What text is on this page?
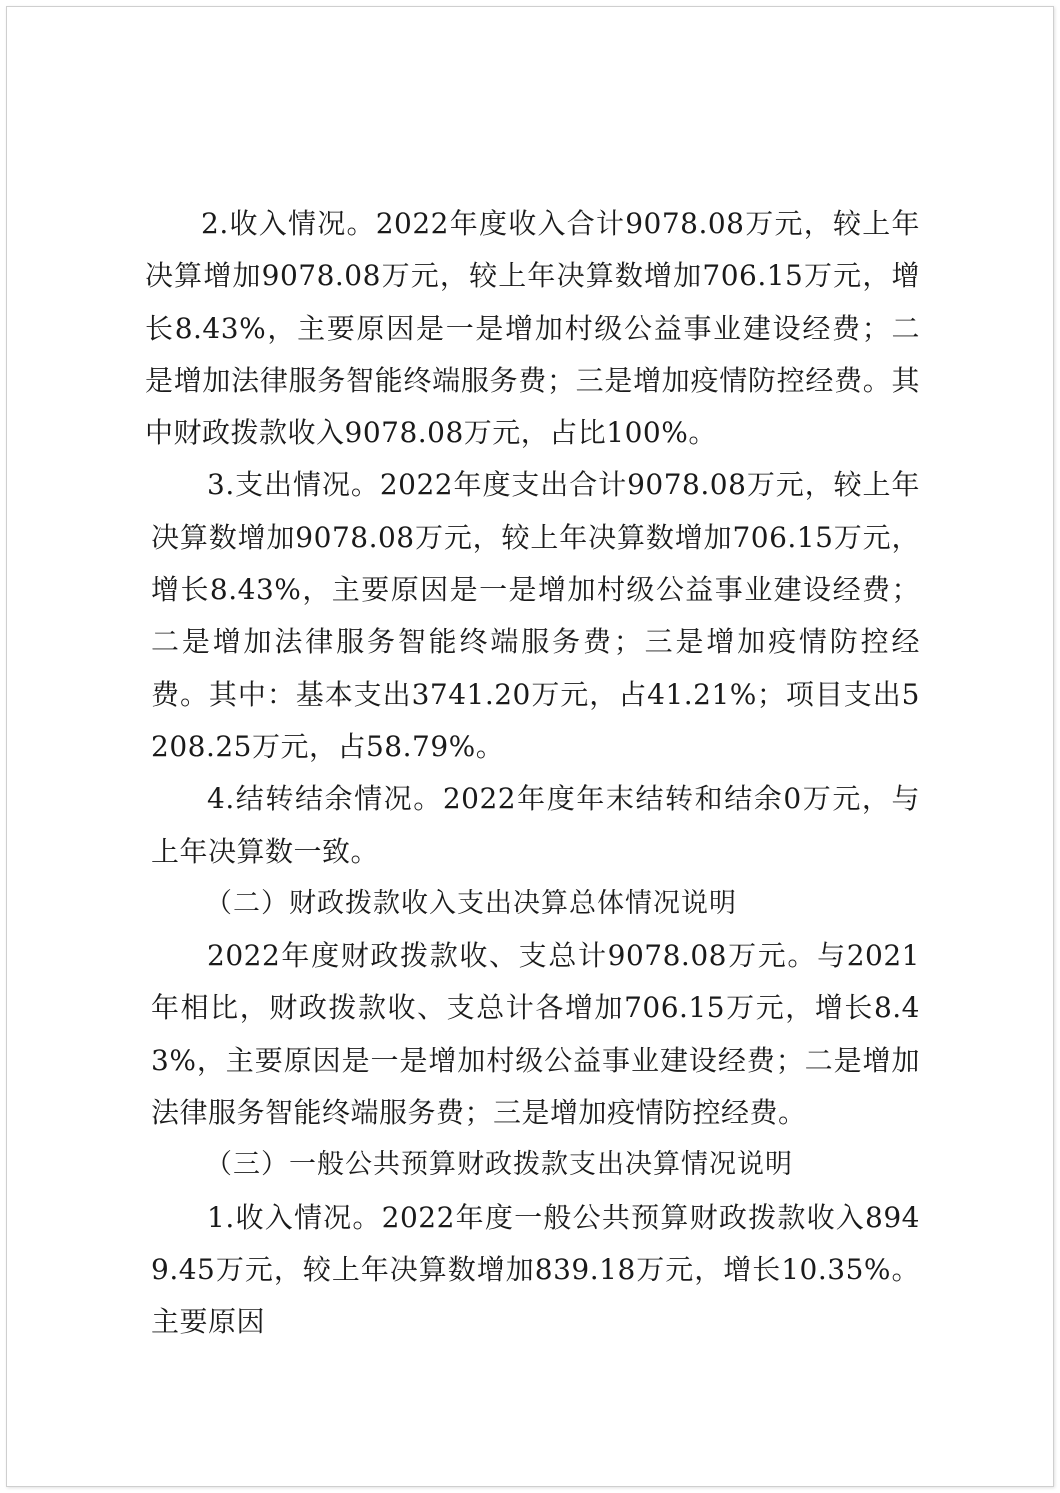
2.收入情况。2022年度收入合计9078.08万元，较上年决算增加9078.08万元，较上年决算数增加706.15万元，增长8.43%，主要原因是一是增加村级公益事业建设经费；二是增加法律服务智能终端服务费；三是增加疫情防控经费。其中财政拨款收入9078.08万元，占比100%。

3.支出情况。2022年度支出合计9078.08万元，较上年决算数增加9078.08万元，较上年决算数增加706.15万元，增长8.43%，主要原因是一是增加村级公益事业建设经费；二是增加法律服务智能终端服务费；三是增加疫情防控经费。其中：基本支出3741.20万元，占41.21%；项目支出5208.25万元，占58.79%。

4.结转结余情况。2022年度年末结转和结余0万元，与上年决算数一致。

（二）财政拨款收入支出决算总体情况说明

2022年度财政拨款收、支总计9078.08万元。与2021年相比，财政拨款收、支总计各增加706.15万元，增长8.43%，主要原因是一是增加村级公益事业建设经费；二是增加法律服务智能终端服务费；三是增加疫情防控经费。

（三）一般公共预算财政拨款支出决算情况说明

1.收入情况。2022年度一般公共预算财政拨款收入8949.45万元，较上年决算数增加839.18万元，增长10.35%。主要原因
